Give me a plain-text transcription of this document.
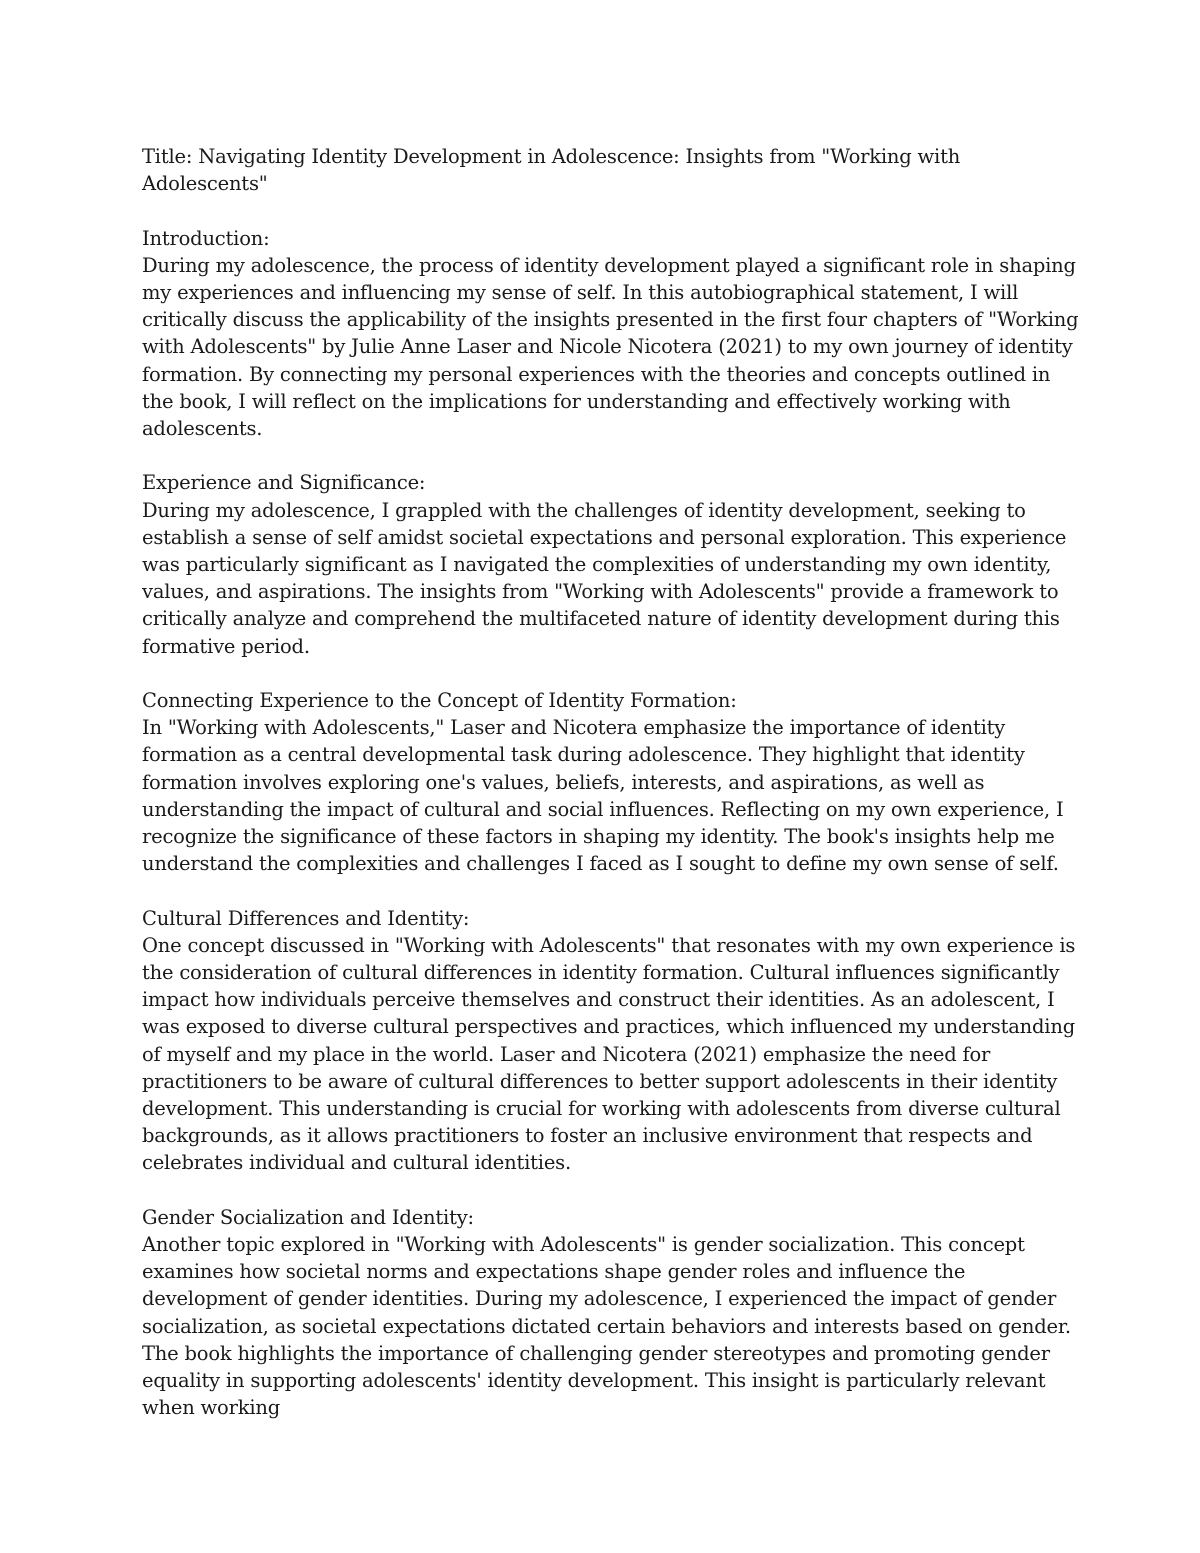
Title: Navigating Identity Development in Adolescence: Insights from "Working with Adolescents"

Introduction:
During my adolescence, the process of identity development played a significant role in shaping my experiences and influencing my sense of self. In this autobiographical statement, I will critically discuss the applicability of the insights presented in the first four chapters of "Working with Adolescents" by Julie Anne Laser and Nicole Nicotera (2021) to my own journey of identity formation. By connecting my personal experiences with the theories and concepts outlined in the book, I will reflect on the implications for understanding and effectively working with adolescents.

Experience and Significance:
During my adolescence, I grappled with the challenges of identity development, seeking to establish a sense of self amidst societal expectations and personal exploration. This experience was particularly significant as I navigated the complexities of understanding my own identity, values, and aspirations. The insights from "Working with Adolescents" provide a framework to critically analyze and comprehend the multifaceted nature of identity development during this formative period.

Connecting Experience to the Concept of Identity Formation:
In "Working with Adolescents," Laser and Nicotera emphasize the importance of identity formation as a central developmental task during adolescence. They highlight that identity formation involves exploring one's values, beliefs, interests, and aspirations, as well as understanding the impact of cultural and social influences. Reflecting on my own experience, I recognize the significance of these factors in shaping my identity. The book's insights help me understand the complexities and challenges I faced as I sought to define my own sense of self.

Cultural Differences and Identity:
One concept discussed in "Working with Adolescents" that resonates with my own experience is the consideration of cultural differences in identity formation. Cultural influences significantly impact how individuals perceive themselves and construct their identities. As an adolescent, I was exposed to diverse cultural perspectives and practices, which influenced my understanding of myself and my place in the world. Laser and Nicotera (2021) emphasize the need for practitioners to be aware of cultural differences to better support adolescents in their identity development. This understanding is crucial for working with adolescents from diverse cultural backgrounds, as it allows practitioners to foster an inclusive environment that respects and celebrates individual and cultural identities.

Gender Socialization and Identity:
Another topic explored in "Working with Adolescents" is gender socialization. This concept examines how societal norms and expectations shape gender roles and influence the development of gender identities. During my adolescence, I experienced the impact of gender socialization, as societal expectations dictated certain behaviors and interests based on gender. The book highlights the importance of challenging gender stereotypes and promoting gender equality in supporting adolescents' identity development. This insight is particularly relevant when working
